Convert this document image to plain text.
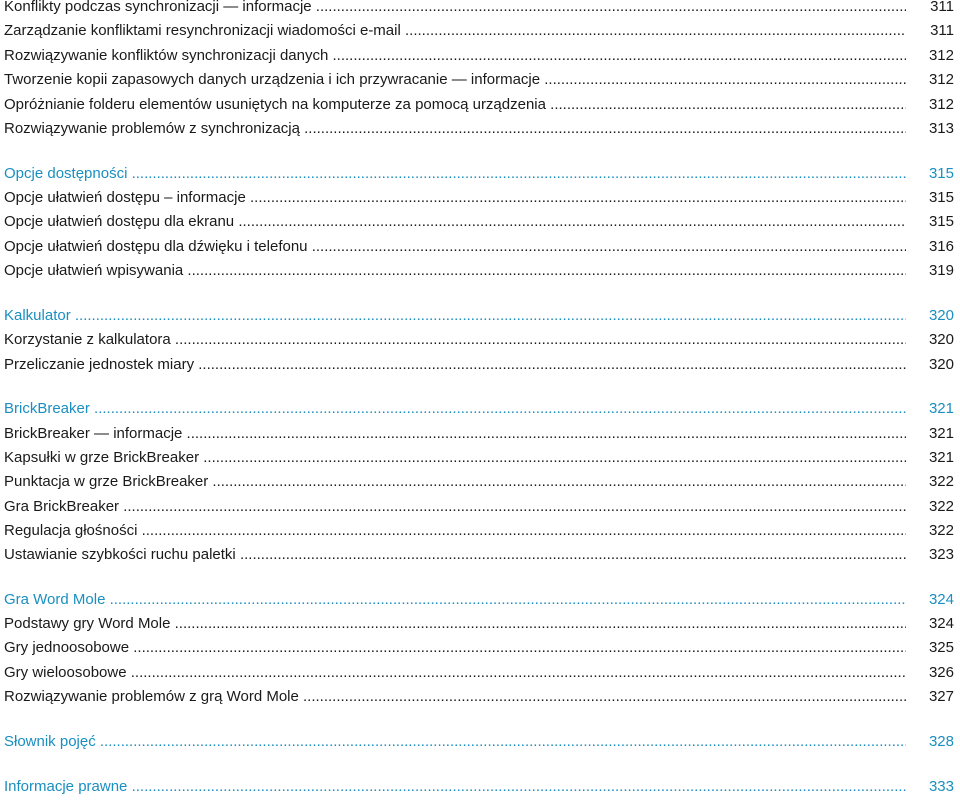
Konflikty podczas synchronizacji — informacje .....	311
Zarządzanie konfliktami resynchronizacji wiadomości e-mail .....	311
Rozwiązywanie konfliktów synchronizacji danych .....	312
Tworzenie kopii zapasowych danych urządzenia i ich przywracanie — informacje .....	312
Opróżnianie folderu elementów usuniętych na komputerze za pomocą urządzenia .....	312
Rozwiązywanie problemów z synchronizacją .....	313
Opcje dostępności .....	315
Opcje ułatwień dostępu – informacje .....	315
Opcje ułatwień dostępu dla ekranu .....	315
Opcje ułatwień dostępu dla dźwięku i telefonu .....	316
Opcje ułatwień wpisywania .....	319
Kalkulator .....	320
Korzystanie z kalkulatora .....	320
Przeliczanie jednostek miary .....	320
BrickBreaker .....	321
BrickBreaker — informacje .....	321
Kapsułki w grze BrickBreaker .....	321
Punktacja w grze BrickBreaker .....	322
Gra BrickBreaker .....	322
Regulacja głośności .....	322
Ustawianie szybkości ruchu paletki .....	323
Gra Word Mole .....	324
Podstawy gry Word Mole .....	324
Gry jednoosobowe .....	325
Gry wieloosobowe .....	326
Rozwiązywanie problemów z grą Word Mole .....	327
Słownik pojęć .....	328
Informacje prawne .....	333
